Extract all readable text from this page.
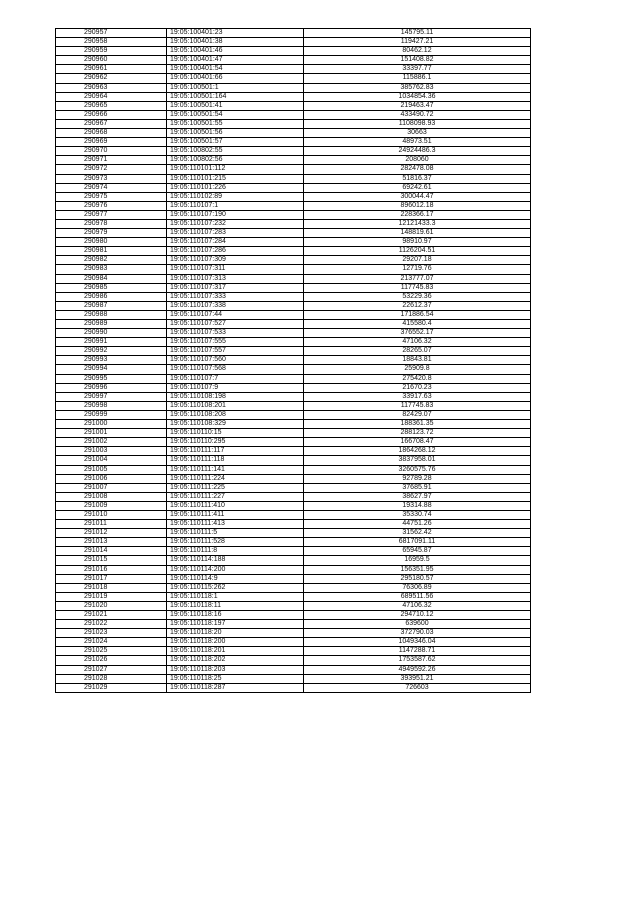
290957	19:05:100401:23	145795.11
290958	19:05:100401:38	119427.21
290959	19:05:100401:46	80462.12
290960	19:05:100401:47	151408.82
290961	19:05:100401:54	33397.77
290962	19:05:100401:66	115886.1
290963	19:05:100501:1	385762.83
290964	19:05:100501:164	1034854.36
290965	19:05:100501:41	219463.47
290966	19:05:100501:54	433490.72
290967	19:05:100501:55	1108098.93
290968	19:05:100501:56	30663
290969	19:05:100501:57	48973.51
290970	19:05:100802:55	24924486.3
290971	19:05:100802:56	208060
290972	19:05:110101:112	282478.08
290973	19:05:110101:215	51816.37
290974	19:05:110101:226	69242.61
290975	19:05:110102:89	300044.47
290976	19:05:110107:1	896012.18
290977	19:05:110107:190	228366.17
290978	19:05:110107:232	12121433.3
290979	19:05:110107:283	148819.61
290980	19:05:110107:284	98910.97
290981	19:05:110107:286	1126204.51
290982	19:05:110107:309	29207.18
290983	19:05:110107:311	12719.76
290984	19:05:110107:313	213777.07
290985	19:05:110107:317	117745.83
290986	19:05:110107:333	53229.36
290987	19:05:110107:338	22612.37
290988	19:05:110107:44	171886.54
290989	19:05:110107:527	415580.4
290990	19:05:110107:533	376552.17
290991	19:05:110107:555	47106.32
290992	19:05:110107:557	28265.07
290993	19:05:110107:560	18843.81
290994	19:05:110107:568	25909.8
290995	19:05:110107:7	275420.8
290996	19:05:110107:9	21670.23
290997	19:05:110108:198	33917.63
290998	19:05:110108:201	117745.83
290999	19:05:110108:208	82429.07
291000	19:05:110108:329	188361.35
291001	19:05:110110:15	288123.72
291002	19:05:110110:295	166708.47
291003	19:05:110111:117	1864268.12
291004	19:05:110111:118	3837958.01
291005	19:05:110111:141	3260575.76
291006	19:05:110111:224	92789.28
291007	19:05:110111:225	37685.91
291008	19:05:110111:227	38627.97
291009	19:05:110111:410	19314.88
291010	19:05:110111:411	35330.74
291011	19:05:110111:413	44751.26
291012	19:05:110111:5	31562.42
291013	19:05:110111:528	6817091.11
291014	19:05:110111:8	65945.87
291015	19:05:110114:188	16959.5
291016	19:05:110114:200	156351.95
291017	19:05:110114:9	295180.57
291018	19:05:110115:262	76306.89
291019	19:05:110118:1	689511.56
291020	19:05:110118:11	47106.32
291021	19:05:110118:16	294710.12
291022	19:05:110118:197	639600
291023	19:05:110118:20	372790.03
291024	19:05:110118:200	1049346.04
291025	19:05:110118:201	1147288.71
291026	19:05:110118:202	1753587.62
291027	19:05:110118:203	4949592.26
291028	19:05:110118:25	393951.21
291029	19:05:110118:287	726603
